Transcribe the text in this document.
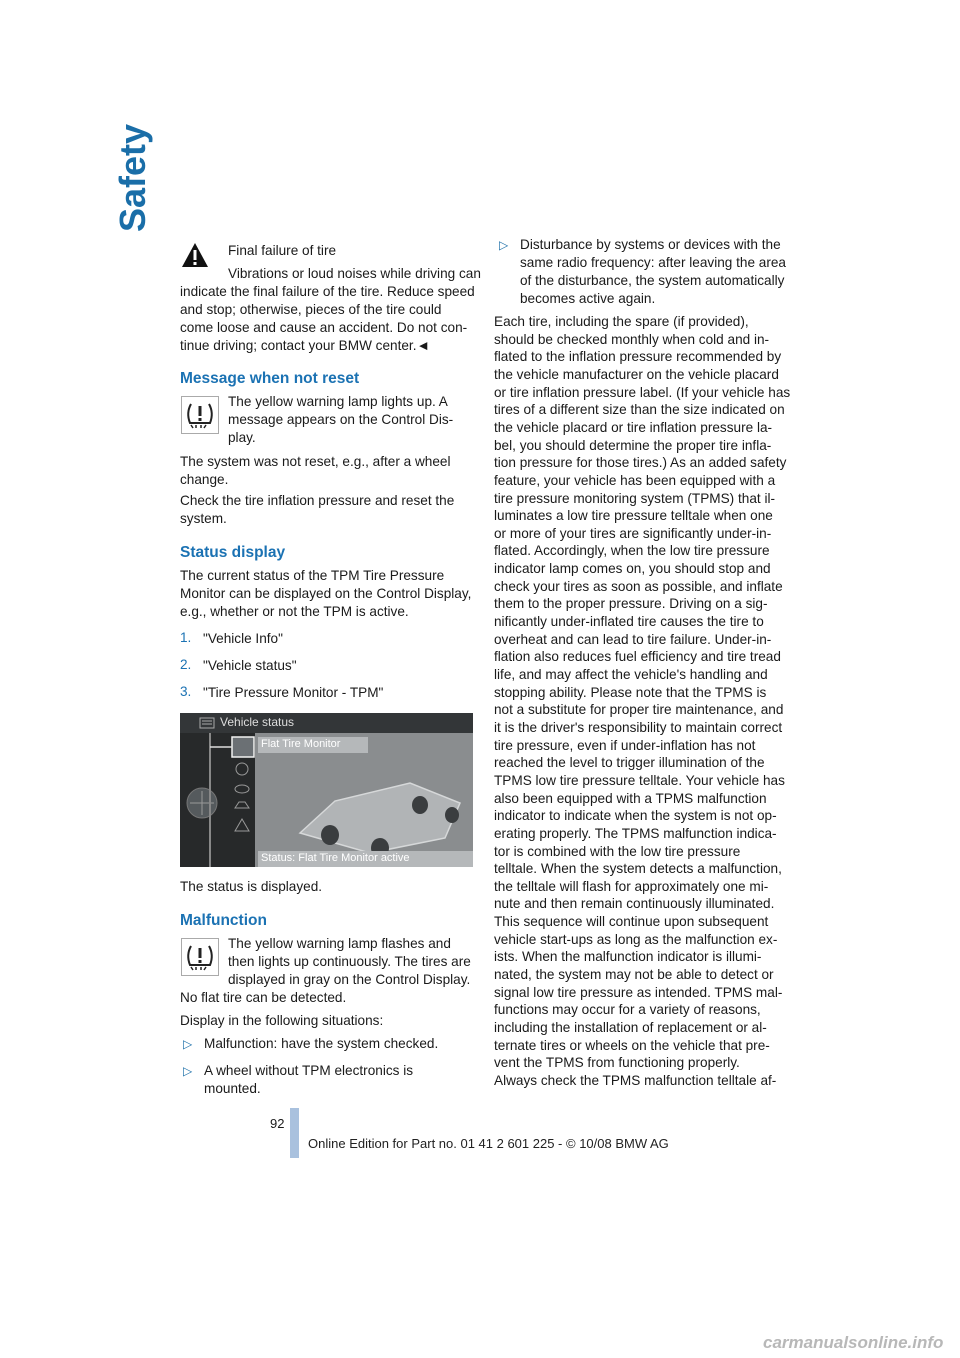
Safety

Final failure of tire

Vibrations or loud noises while driving can

indicate the final failure of the tire. Reduce speed

and stop; otherwise, pieces of the tire could

come loose and cause an accident. Do not con-

tinue driving; contact your BMW center.◄

Message when not reset

The yellow warning lamp lights up. A

message appears on the Control Dis-

play.

The system was not reset, e.g., after a wheel

change.

Check the tire inflation pressure and reset the

system.

Status display

The current status of the TPM Tire Pressure

Monitor can be displayed on the Control Display,

e.g., whether or not the TPM is active.

1. "Vehicle Info"
2. "Vehicle status"
3. "Tire Pressure Monitor - TPM"
Vehicle status
Flat Tire Monitor
Status: Flat Tire Monitor active

The status is displayed.

Malfunction

The yellow warning lamp flashes and

then lights up continuously. The tires are

displayed in gray on the Control Display.

No flat tire can be detected.

Display in the following situations:

▷ Malfunction: have the system checked.

▷ A wheel without TPM electronics is

mounted.

▷ Disturbance by systems or devices with the

same radio frequency: after leaving the area

of the disturbance, the system automatically

becomes active again.

Each tire, including the spare (if provided),

should be checked monthly when cold and in-

flated to the inflation pressure recommended by

the vehicle manufacturer on the vehicle placard

or tire inflation pressure label. (If your vehicle has

tires of a different size than the size indicated on

the vehicle placard or tire inflation pressure la-

bel, you should determine the proper tire infla-

tion pressure for those tires.) As an added safety

feature, your vehicle has been equipped with a

tire pressure monitoring system (TPMS) that il-

luminates a low tire pressure telltale when one

or more of your tires are significantly under-in-

flated. Accordingly, when the low tire pressure

indicator lamp comes on, you should stop and

check your tires as soon as possible, and inflate

them to the proper pressure. Driving on a sig-

nificantly under-inflated tire causes the tire to

overheat and can lead to tire failure. Under-in-

flation also reduces fuel efficiency and tire tread

life, and may affect the vehicle's handling and

stopping ability. Please note that the TPMS is

not a substitute for proper tire maintenance, and

it is the driver's responsibility to maintain correct

tire pressure, even if under-inflation has not

reached the level to trigger illumination of the

TPMS low tire pressure telltale. Your vehicle has

also been equipped with a TPMS malfunction

indicator to indicate when the system is not op-

erating properly. The TPMS malfunction indica-

tor is combined with the low tire pressure

telltale. When the system detects a malfunction,

the telltale will flash for approximately one mi-

nute and then remain continuously illuminated.

This sequence will continue upon subsequent

vehicle start-ups as long as the malfunction ex-

ists. When the malfunction indicator is illumi-

nated, the system may not be able to detect or

signal low tire pressure as intended. TPMS mal-

functions may occur for a variety of reasons,

including the installation of replacement or al-

ternate tires or wheels on the vehicle that pre-

vent the TPMS from functioning properly.

Always check the TPMS malfunction telltale af-

92
Online Edition for Part no. 01 41 2 601 225 - © 10/08 BMW AG
carmanualsonline.info
